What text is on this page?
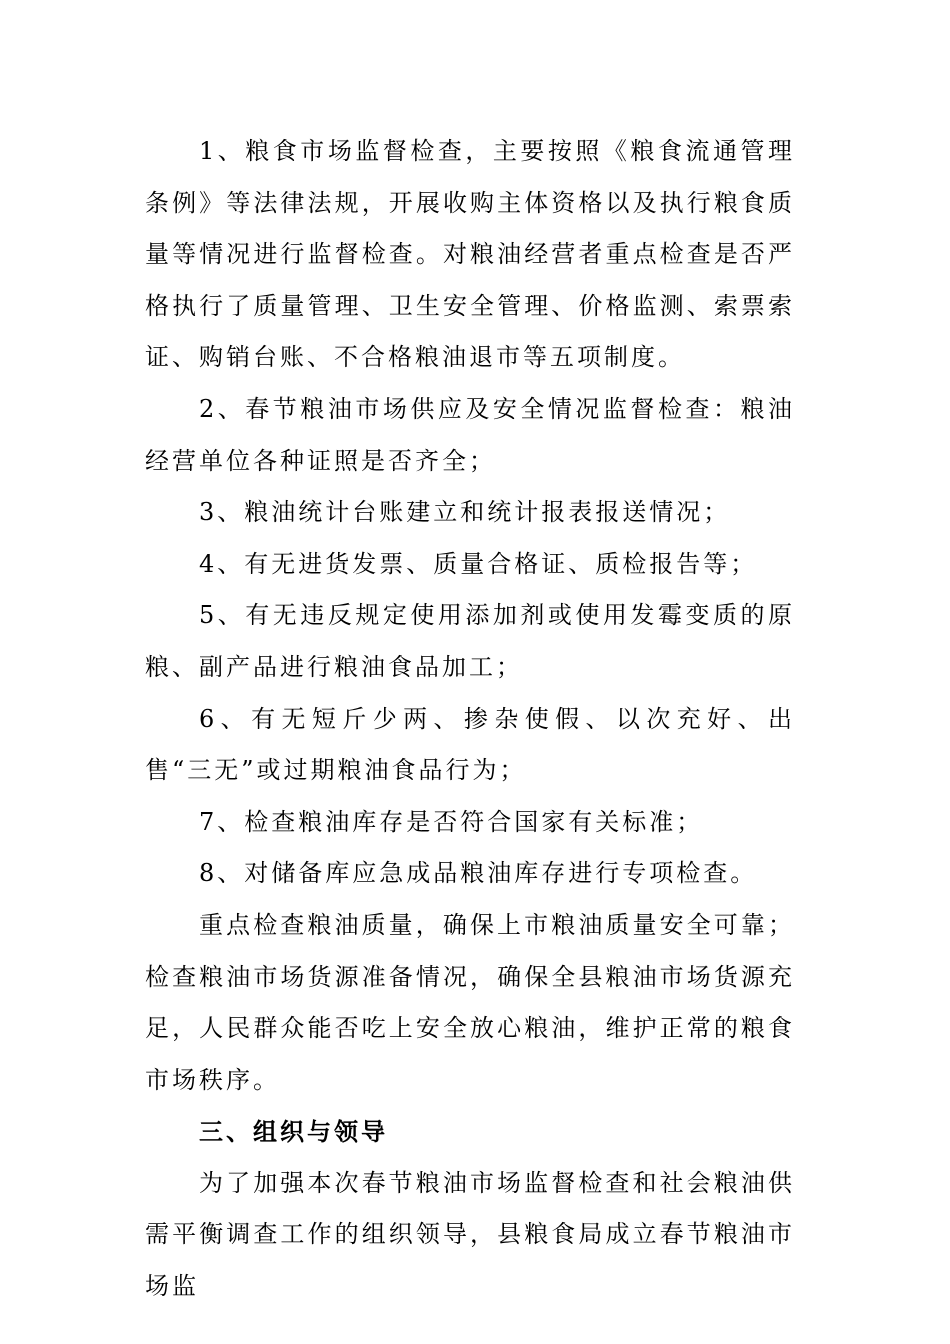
1、粮食市场监督检查，主要按照《粮食流通管理条例》等法律法规，开展收购主体资格以及执行粮食质量等情况进行监督检查。对粮油经营者重点检查是否严格执行了质量管理、卫生安全管理、价格监测、索票索证、购销台账、不合格粮油退市等五项制度。

2、春节粮油市场供应及安全情况监督检查：粮油经营单位各种证照是否齐全；

3、粮油统计台账建立和统计报表报送情况；

4、有无进货发票、质量合格证、质检报告等；

5、有无违反规定使用添加剂或使用发霉变质的原粮、副产品进行粮油食品加工；

6、有无短斤少两、掺杂使假、以次充好、出售“三无”或过期粮油食品行为；

7、检查粮油库存是否符合国家有关标准；

8、对储备库应急成品粮油库存进行专项检查。

重点检查粮油质量，确保上市粮油质量安全可靠；检查粮油市场货源准备情况，确保全县粮油市场货源充足，人民群众能否吃上安全放心粮油，维护正常的粮食市场秩序。

三、组织与领导

为了加强本次春节粮油市场监督检查和社会粮油供需平衡调查工作的组织领导，县粮食局成立春节粮油市场监
